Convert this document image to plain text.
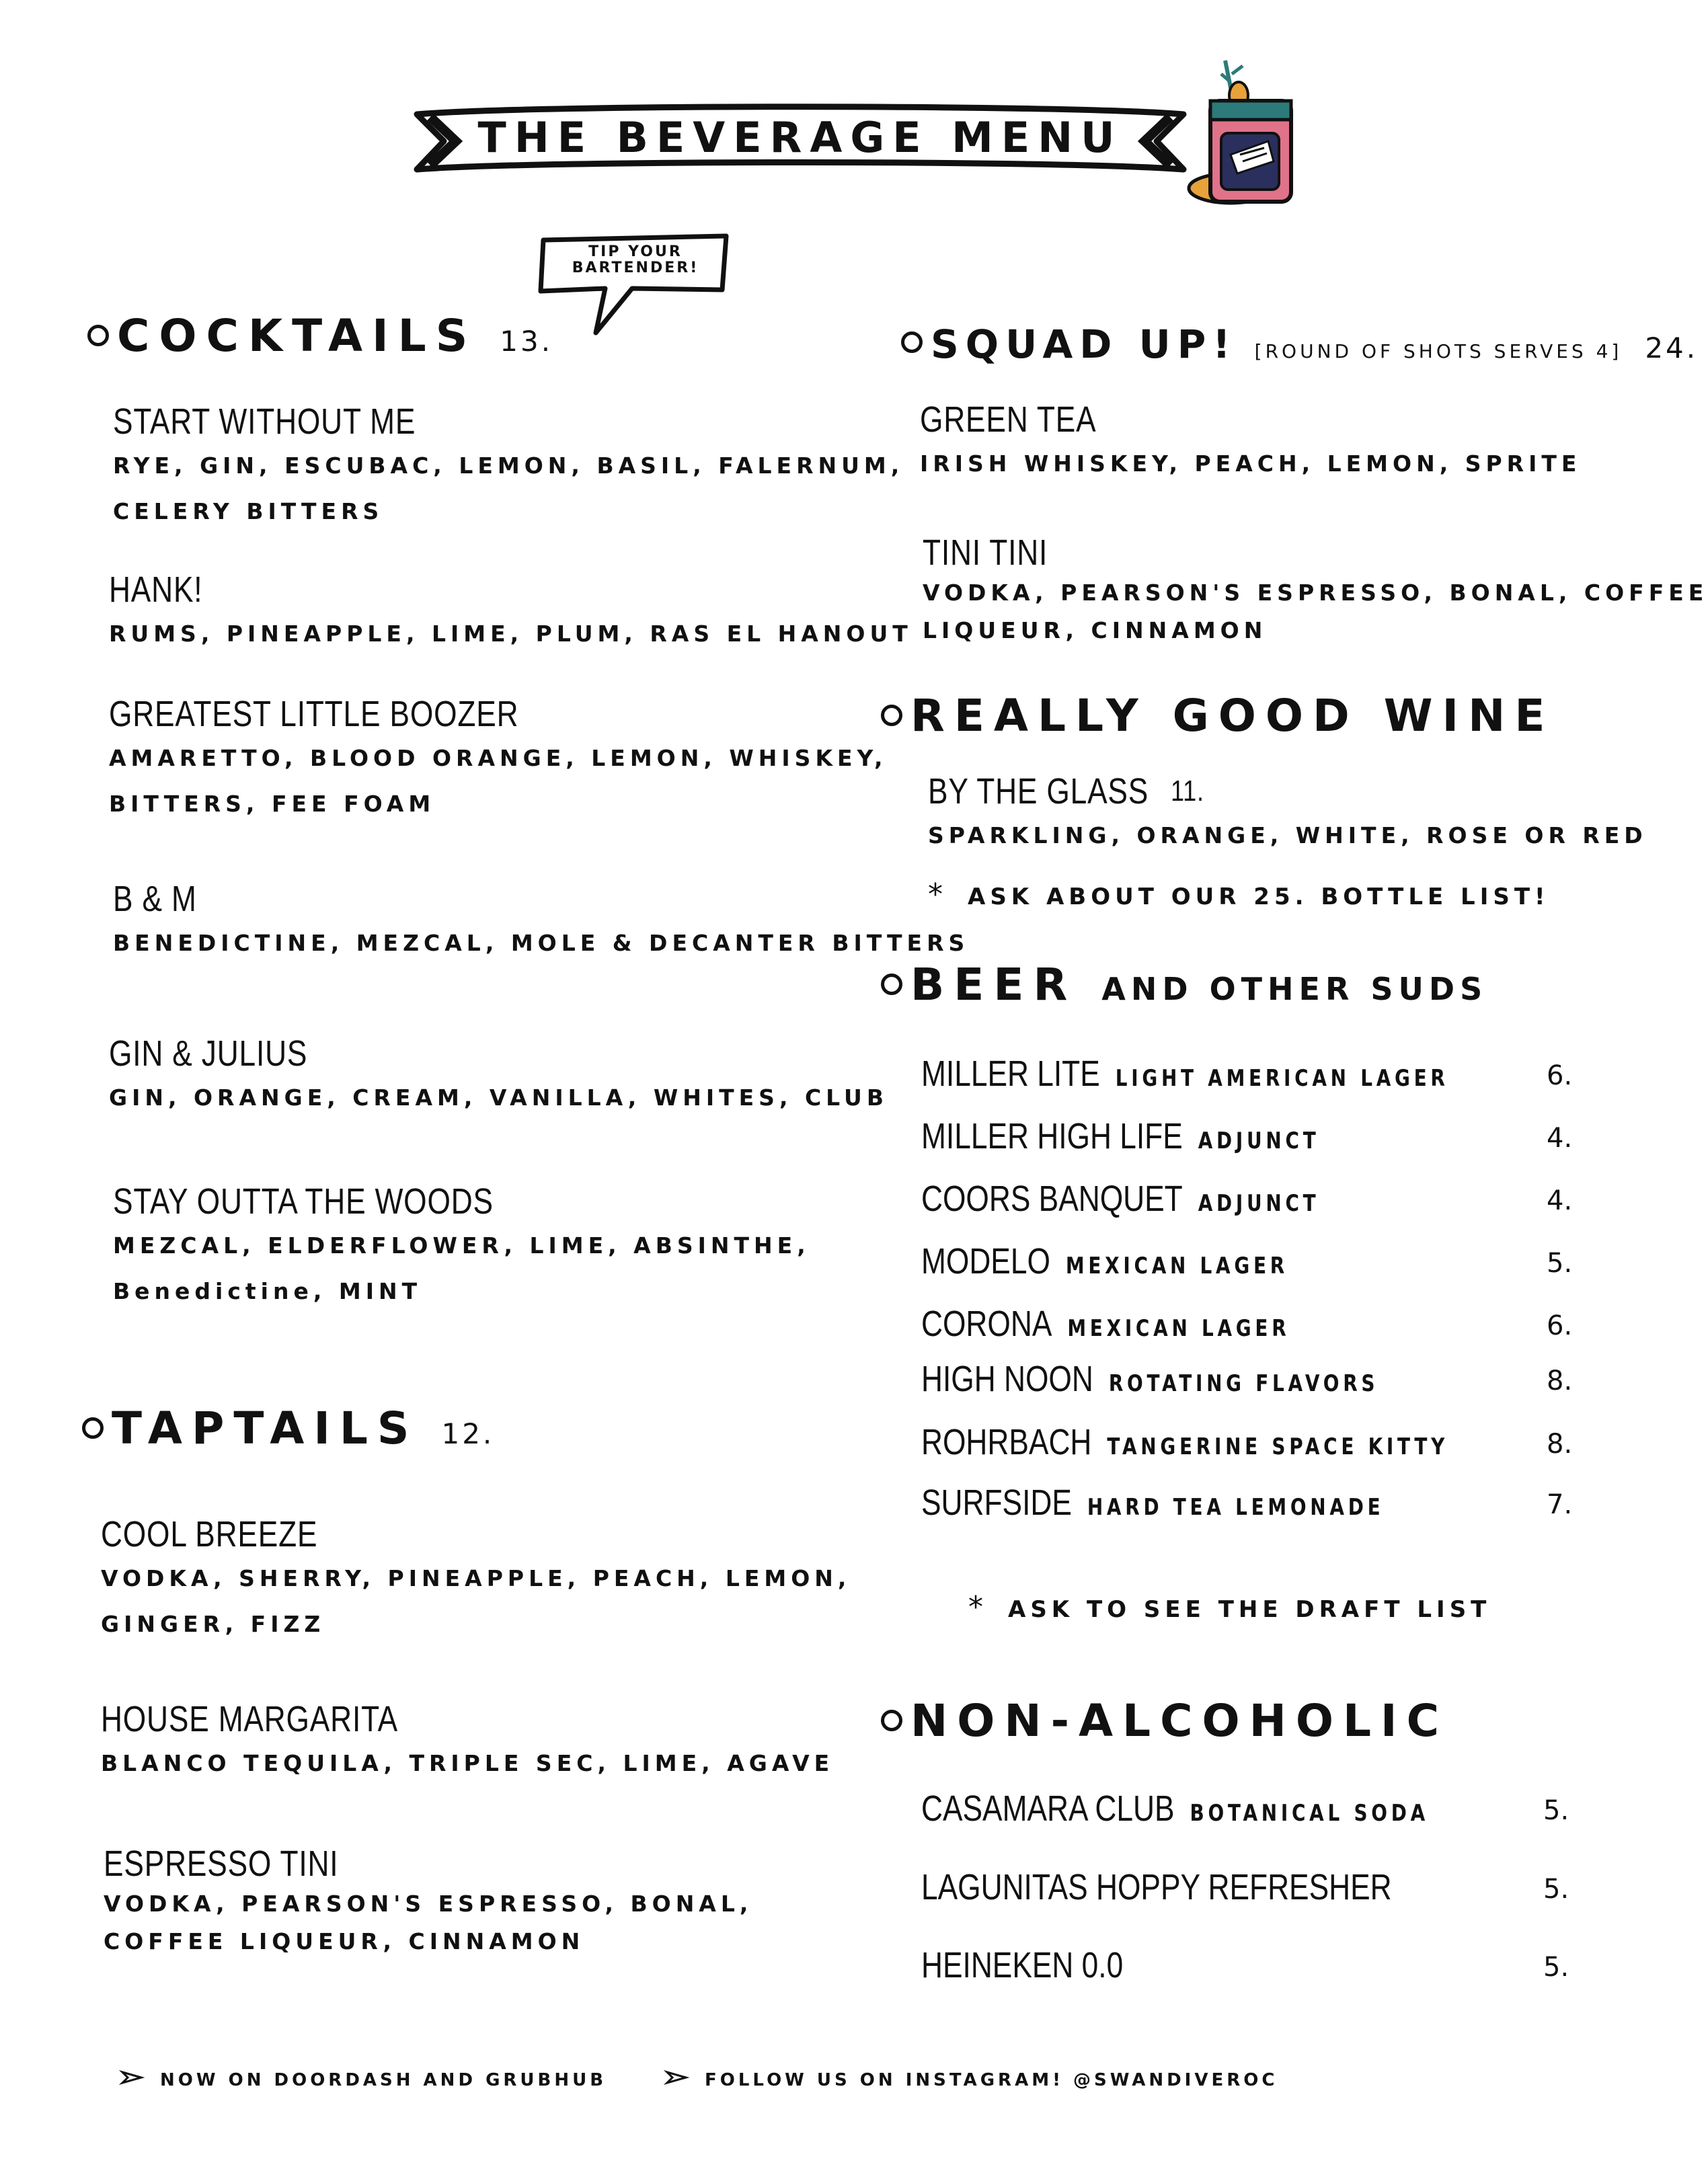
THE BEVERAGE MENU
TIP YOUR
BARTENDER!
COCKTAILS 13.
START WITHOUT ME
RYE, GIN, ESCUBAC, LEMON, BASIL, FALERNUM,
CELERY BITTERS
HANK!
RUMS, PINEAPPLE, LIME, PLUM, RAS EL HANOUT
GREATEST LITTLE BOOZER
AMARETTO, BLOOD ORANGE, LEMON, WHISKEY,
BITTERS, FEE FOAM
B & M
BENEDICTINE, MEZCAL, MOLE & DECANTER BITTERS
GIN & JULIUS
GIN, ORANGE, CREAM, VANILLA, WHITES, CLUB
STAY OUTTA THE WOODS
MEZCAL, ELDERFLOWER, LIME, ABSINTHE,
Benedictine, MINT
TAPTAILS 12.
COOL BREEZE
VODKA, SHERRY, PINEAPPLE, PEACH, LEMON,
GINGER, FIZZ
HOUSE MARGARITA
BLANCO TEQUILA, TRIPLE SEC, LIME, AGAVE
ESPRESSO TINI
VODKA, PEARSON'S ESPRESSO, BONAL,
COFFEE LIQUEUR, CINNAMON
SQUAD UP! [ROUND OF SHOTS SERVES 4] 24.
GREEN TEA
IRISH WHISKEY, PEACH, LEMON, SPRITE
TINI TINI
VODKA, PEARSON'S ESPRESSO, BONAL, COFFEE
LIQUEUR, CINNAMON
REALLY GOOD WINE
BY THE GLASS 11.
SPARKLING, ORANGE, WHITE, ROSE OR RED
* ASK ABOUT OUR 25. BOTTLE LIST!
BEER AND OTHER SUDS
MILLER LITE LIGHT AMERICAN LAGER	6.
MILLER HIGH LIFE ADJUNCT	4.
COORS BANQUET ADJUNCT	4.
MODELO MEXICAN LAGER	5.
CORONA MEXICAN LAGER	6.
HIGH NOON ROTATING FLAVORS	8.
ROHRBACH TANGERINE SPACE KITTY	8.
SURFSIDE HARD TEA LEMONADE	7.
* ASK TO SEE THE DRAFT LIST
NON-ALCOHOLIC
CASAMARA CLUB BOTANICAL SODA	5.
LAGUNITAS HOPPY REFRESHER	5.
HEINEKEN 0.0	5.
NOW ON DOORDASH AND GRUBHUB	FOLLOW US ON INSTAGRAM! @SWANDIVEROC
